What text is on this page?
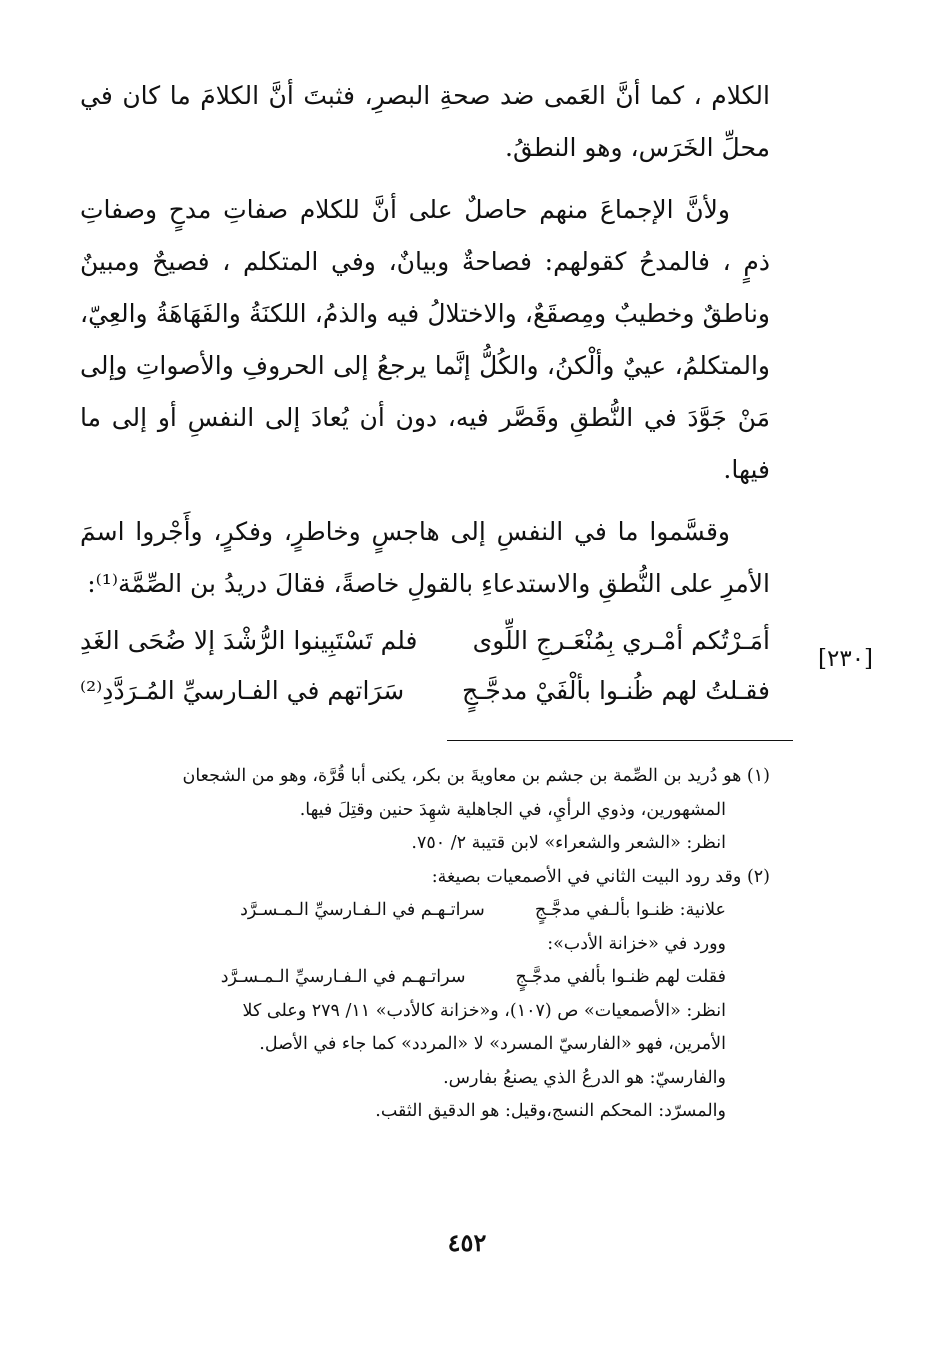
الكلام ، كما أنَّ العَمى ضد صحةِ البصرِ، فثبتَ أنَّ الكلامَ ما كان في محلِّ الخَرَس، وهو النطقُ.

ولأنَّ الإجماعَ منهم حاصلٌ على أنَّ للكلام صفاتِ مدحٍ وصفاتِ ذمٍ ، فالمدحُ كقولهم: فصاحةٌ وبيانٌ، وفي المتكلم ، فصيحٌ ومبينٌ وناطقٌ وخطيبٌ ومِصقَعٌ، والاختلالُ فيه والذمُ، اللكنَةُ والفَهَاهَةُ والعِيّ، والمتكلمُ، عييٌ وألْكنُ، والكُلُّ إنَّما يرجعُ إلى الحروفِ والأصواتِ وإلى مَنْ جَوَّدَ في النُّطقِ وقَصَّر فيه، دون أن يُعادَ إلى النفسِ أو إلى ما فيها.

وقسَّموا ما في النفسِ إلى هاجسٍ وخاطرٍ، وفكرٍ، وأَجْروا اسمَ الأمرِ على النُّطقِ والاستدعاءِ بالقولِ خاصةً، فقالَ دريدُ بن الصِّمَّة⁽¹⁾:

أمَـرْتُكم أمْـري بِمُنْعَـرجِ اللِّوى
فلم تَسْتَبِينوا الرُّشْدَ إلا ضُحَى الغَدِ
فقـلتُ لهم ظُنـوا بألْفَيْ مدجَّـجٍ
سَرَاتهم في الفـارسيِّ المُـرَدَّدِ⁽²⁾
[٢٣٠]

(١) هو دُريد بن الصِّمة بن جشم بن معاويةَ بن بكر، يكنى أبا قُرَّة، وهو من الشجعان

المشهورين، وذوي الرأيِ، في الجاهلية شهِدَ حنين وقتِلَ فيها.

انظر: «الشعر والشعراء» لابن قتيبة ٢/ ٧٥٠.

(٢) وقد رود البيت الثاني في الأصمعيات بصيغة:

علانية: ظنـوا بألـفي مدجَّـجٍ
سراتـهـم في الـفـارسيِّ الـمـسـرَّد

وورد في «خزانة الأدب»:

فقلت لهم ظنـوا بألفي مدجَّـجٍ
سراتـهـم في الـفـارسيِّ الـمـسـرَّد

انظر: «الأصمعيات» ص (١٠٧)، و«خزانة كالأدب» ١١/ ٢٧٩ وعلى كلا

الأمرين، فهو «الفارسيّ المسرد» لا «المردد» كما جاء في الأصل.

والفارسيّ: هو الدرعُ الذي يصنعُ بفارس.

والمسرّد: المحكم النسج،وقيل: هو الدقيق الثقب.

٤٥٢
